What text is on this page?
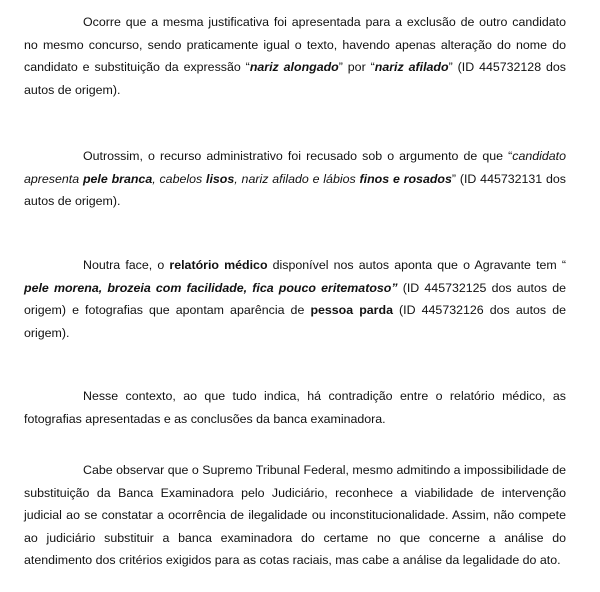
Ocorre que a mesma justificativa foi apresentada para a exclusão de outro candidato no mesmo concurso, sendo praticamente igual o texto, havendo apenas alteração do nome do candidato e substituição da expressão “nariz alongado” por “nariz afilado” (ID 445732128 dos autos de origem).

Outrossim, o recurso administrativo foi recusado sob o argumento de que “candidato apresenta pele branca, cabelos lisos, nariz afilado e lábios finos e rosados” (ID 445732131 dos autos de origem).

Noutra face, o relatório médico disponível nos autos aponta que o Agravante tem “ pele morena, brozeia com facilidade, fica pouco eritematoso” (ID 445732125 dos autos de origem) e fotografias que apontam aparência de pessoa parda (ID 445732126 dos autos de origem).

Nesse contexto, ao que tudo indica, há contradição entre o relatório médico, as fotografias apresentadas e as conclusões da banca examinadora.

Cabe observar que o Supremo Tribunal Federal, mesmo admitindo a impossibilidade de substituição da Banca Examinadora pelo Judiciário, reconhece a viabilidade de intervenção judicial ao se constatar a ocorrência de ilegalidade ou inconstitucionalidade. Assim, não compete ao judiciário substituir a banca examinadora do certame no que concerne a análise do atendimento dos critérios exigidos para as cotas raciais, mas cabe a análise da legalidade do ato.
